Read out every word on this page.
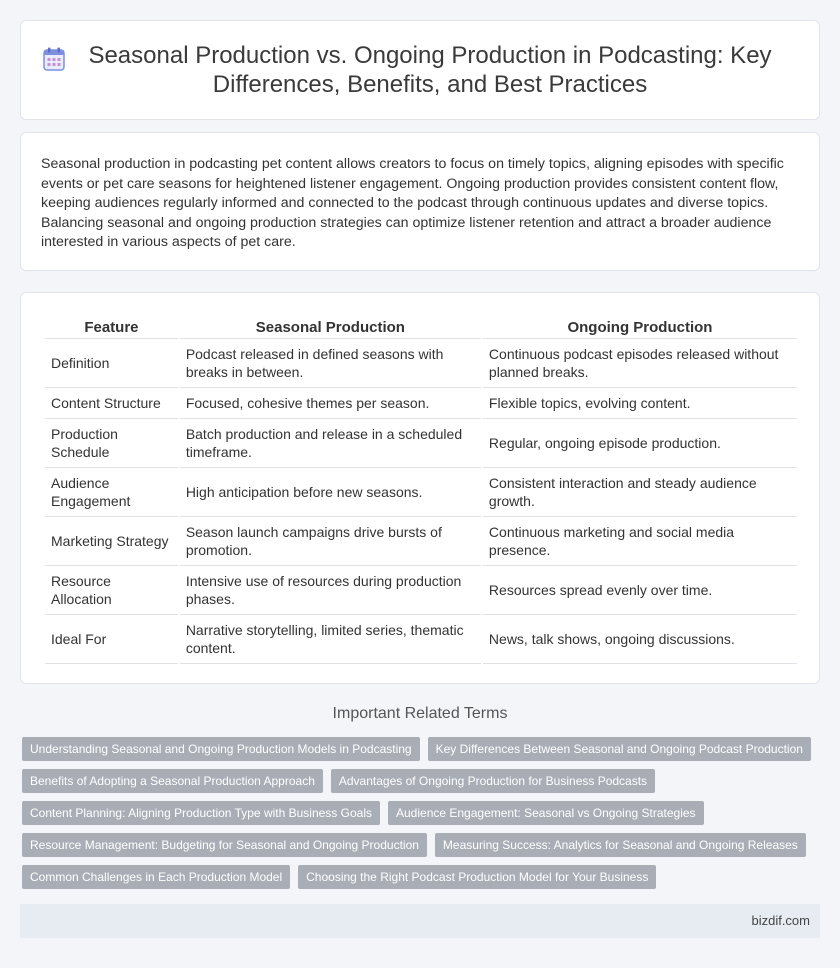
Seasonal Production vs. Ongoing Production in Podcasting: Key Differences, Benefits, and Best Practices

Seasonal production in podcasting pet content allows creators to focus on timely topics, aligning episodes with specific events or pet care seasons for heightened listener engagement. Ongoing production provides consistent content flow, keeping audiences regularly informed and connected to the podcast through continuous updates and diverse topics. Balancing seasonal and ongoing production strategies can optimize listener retention and attract a broader audience interested in various aspects of pet care.

Feature	Seasonal Production	Ongoing Production
Definition	Podcast released in defined seasons with breaks in between.	Continuous podcast episodes released without planned breaks.
Content Structure	Focused, cohesive themes per season.	Flexible topics, evolving content.
Production Schedule	Batch production and release in a scheduled timeframe.	Regular, ongoing episode production.
Audience Engagement	High anticipation before new seasons.	Consistent interaction and steady audience growth.
Marketing Strategy	Season launch campaigns drive bursts of promotion.	Continuous marketing and social media presence.
Resource Allocation	Intensive use of resources during production phases.	Resources spread evenly over time.
Ideal For	Narrative storytelling, limited series, thematic content.	News, talk shows, ongoing discussions.
Important Related Terms
Understanding Seasonal and Ongoing Production Models in Podcasting	Key Differences Between Seasonal and Ongoing Podcast Production
Benefits of Adopting a Seasonal Production Approach	Advantages of Ongoing Production for Business Podcasts
Content Planning: Aligning Production Type with Business Goals	Audience Engagement: Seasonal vs Ongoing Strategies
Resource Management: Budgeting for Seasonal and Ongoing Production	Measuring Success: Analytics for Seasonal and Ongoing Releases
Common Challenges in Each Production Model	Choosing the Right Podcast Production Model for Your Business
bizdif.com
